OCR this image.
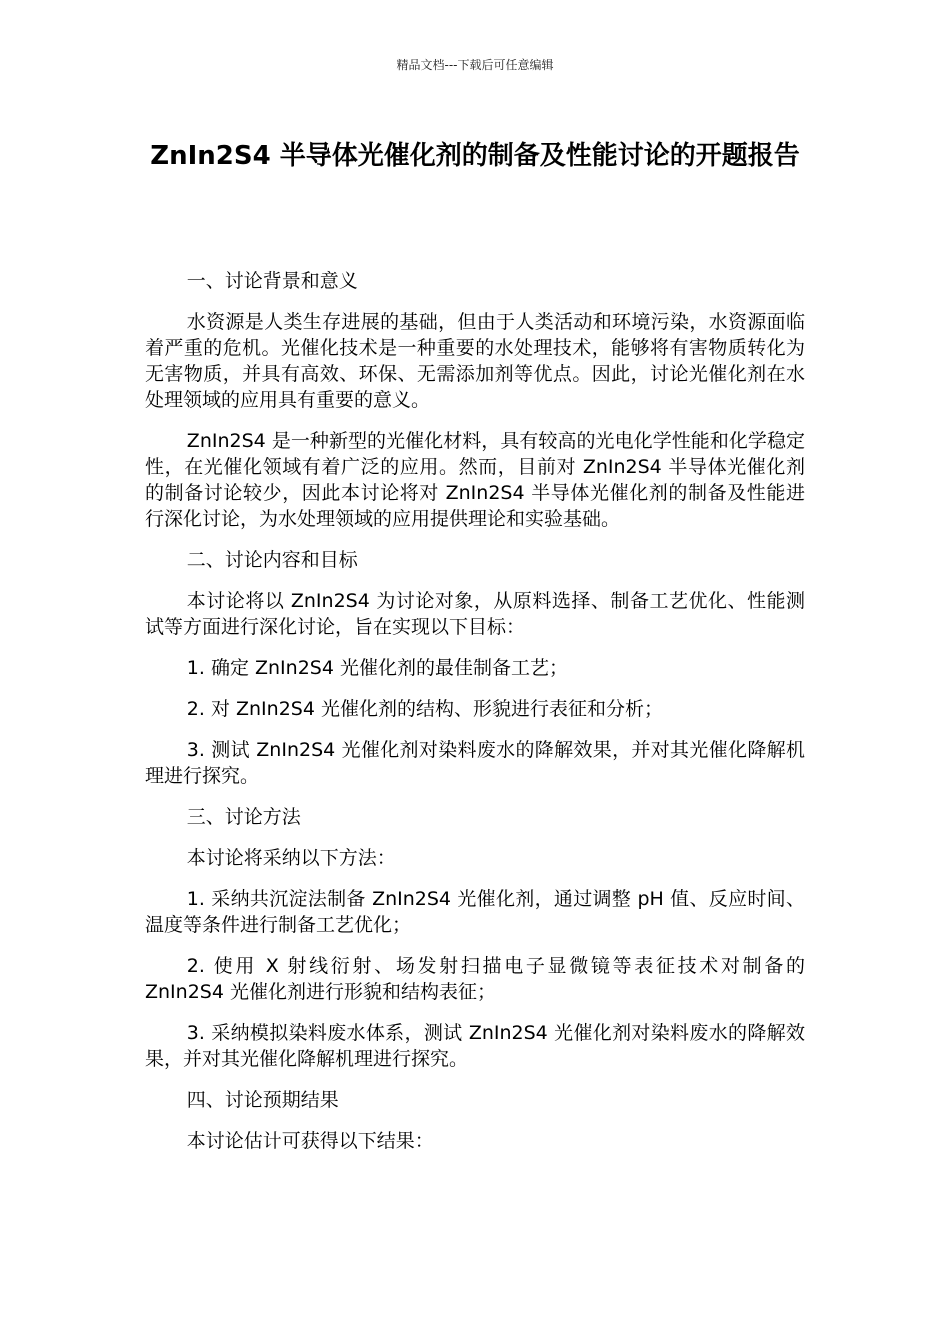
精品文档---下载后可任意编辑
ZnIn2S4 半导体光催化剂的制备及性能讨论的开题报告

一、讨论背景和意义

水资源是人类生存进展的基础，但由于人类活动和环境污染，水资源面临着严重的危机。光催化技术是一种重要的水处理技术，能够将有害物质转化为无害物质，并具有高效、环保、无需添加剂等优点。因此，讨论光催化剂在水处理领域的应用具有重要的意义。

ZnIn2S4 是一种新型的光催化材料，具有较高的光电化学性能和化学稳定性，在光催化领域有着广泛的应用。然而，目前对 ZnIn2S4 半导体光催化剂的制备讨论较少，因此本讨论将对 ZnIn2S4 半导体光催化剂的制备及性能进行深化讨论，为水处理领域的应用提供理论和实验基础。

二、讨论内容和目标

本讨论将以 ZnIn2S4 为讨论对象，从原料选择、制备工艺优化、性能测试等方面进行深化讨论，旨在实现以下目标：

1. 确定 ZnIn2S4 光催化剂的最佳制备工艺；

2. 对 ZnIn2S4 光催化剂的结构、形貌进行表征和分析；

3. 测试 ZnIn2S4 光催化剂对染料废水的降解效果，并对其光催化降解机理进行探究。

三、讨论方法

本讨论将采纳以下方法：

1. 采纳共沉淀法制备 ZnIn2S4 光催化剂，通过调整 pH 值、反应时间、温度等条件进行制备工艺优化；

2. 使用 X 射线衍射、场发射扫描电子显微镜等表征技术对制备的 ZnIn2S4 光催化剂进行形貌和结构表征；

3. 采纳模拟染料废水体系，测试 ZnIn2S4 光催化剂对染料废水的降解效果，并对其光催化降解机理进行探究。

四、讨论预期结果

本讨论估计可获得以下结果：
